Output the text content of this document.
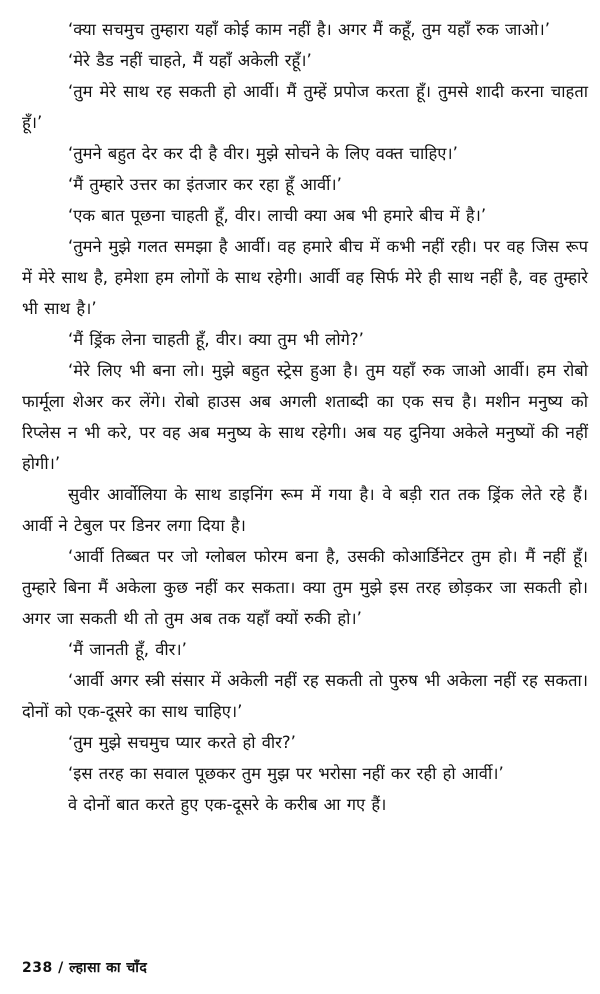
‘क्या सचमुच तुम्हारा यहाँ कोई काम नहीं है। अगर मैं कहूँ, तुम यहाँ रुक जाओ।’

‘मेरे डैड नहीं चाहते, मैं यहाँ अकेली रहूँ।’

‘तुम मेरे साथ रह सकती हो आर्वी। मैं तुम्हें प्रपोज करता हूँ। तुमसे शादी करना चाहता हूँ।’

‘तुमने बहुत देर कर दी है वीर। मुझे सोचने के लिए वक्त चाहिए।’

‘मैं तुम्हारे उत्तर का इंतजार कर रहा हूँ आर्वी।’

‘एक बात पूछना चाहती हूँ, वीर। लाची क्या अब भी हमारे बीच में है।’

‘तुमने मुझे गलत समझा है आर्वी। वह हमारे बीच में कभी नहीं रही। पर वह जिस रूप में मेरे साथ है, हमेशा हम लोगों के साथ रहेगी। आर्वी वह सिर्फ मेरे ही साथ नहीं है, वह तुम्हारे भी साथ है।’

‘मैं ड्रिंक लेना चाहती हूँ, वीर। क्या तुम भी लोगे?’

‘मेरे लिए भी बना लो। मुझे बहुत स्ट्रेस हुआ है। तुम यहाँ रुक जाओ आर्वी। हम रोबो फार्मूला शेअर कर लेंगे। रोबो हाउस अब अगली शताब्दी का एक सच है। मशीन मनुष्य को रिप्लेस न भी करे, पर वह अब मनुष्य के साथ रहेगी। अब यह दुनिया अकेले मनुष्यों की नहीं होगी।’

सुवीर आर्वोलिया के साथ डाइनिंग रूम में गया है। वे बड़ी रात तक ड्रिंक लेते रहे हैं। आर्वी ने टेबुल पर डिनर लगा दिया है।

‘आर्वी तिब्बत पर जो ग्लोबल फोरम बना है, उसकी कोआर्डिनेटर तुम हो। मैं नहीं हूँ। तुम्हारे बिना मैं अकेला कुछ नहीं कर सकता। क्या तुम मुझे इस तरह छोड़कर जा सकती हो। अगर जा सकती थी तो तुम अब तक यहाँ क्यों रुकी हो।’

‘मैं जानती हूँ, वीर।’

‘आर्वी अगर स्त्री संसार में अकेली नहीं रह सकती तो पुरुष भी अकेला नहीं रह सकता। दोनों को एक-दूसरे का साथ चाहिए।’

‘तुम मुझे सचमुच प्यार करते हो वीर?’

‘इस तरह का सवाल पूछकर तुम मुझ पर भरोसा नहीं कर रही हो आर्वी।’

वे दोनों बात करते हुए एक-दूसरे के करीब आ गए हैं।

238 / ल्हासा का चाँद
